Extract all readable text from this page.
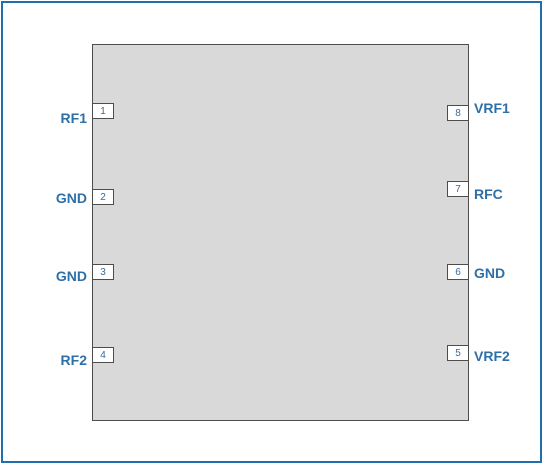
1
RF1
2
GND
3
GND
4
RF2	5 VRF2
6 GND
7 RFC
8 VRF1
